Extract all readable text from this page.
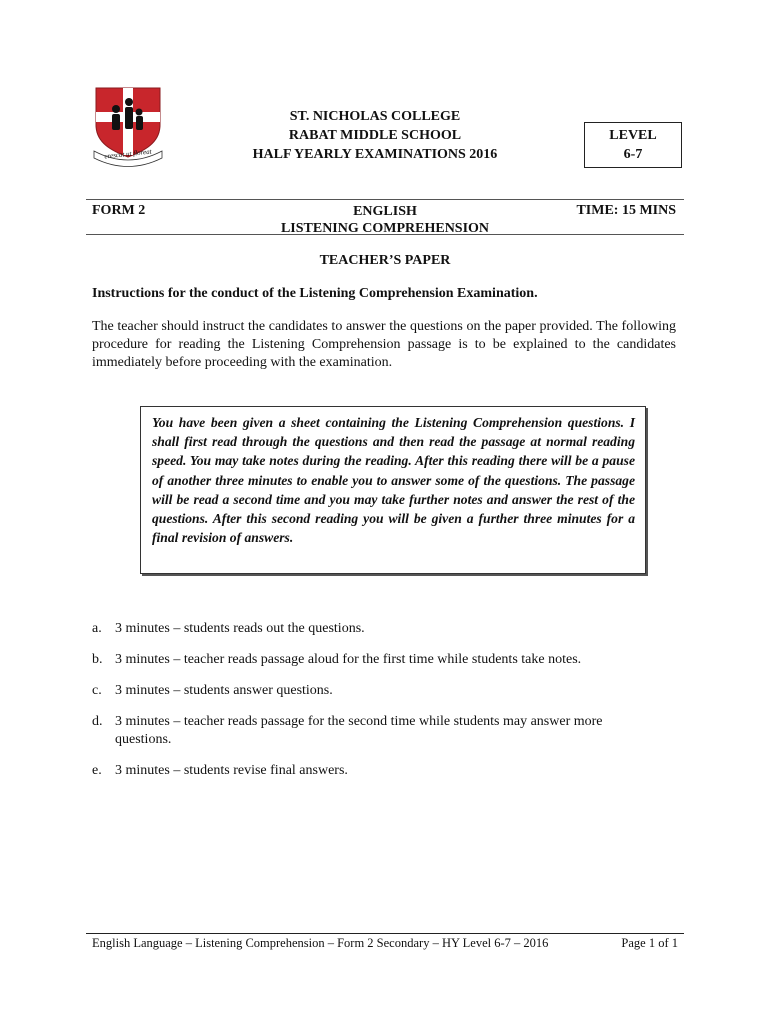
crescat ut floreat
ST. NICHOLAS COLLEGE
RABAT MIDDLE SCHOOL
HALF YEARLY EXAMINATIONS 2016
LEVEL
6-7
FORM 2	ENGLISH
LISTENING COMPREHENSION
TIME: 15 MINS
TEACHER’S PAPER
Instructions for the conduct of the Listening Comprehension Examination.
The teacher should instruct the candidates to answer the questions on the paper provided. The following procedure for reading the Listening Comprehension passage is to be explained to the candidates immediately before proceeding with the examination.
You have been given a sheet containing the Listening Comprehension questions. I shall first read through the questions and then read the passage at normal reading speed. You may take notes during the reading. After this reading there will be a pause of another three minutes to enable you to answer some of the questions. The passage will be read a second time and you may take further notes and answer the rest of the questions. After this second reading you will be given a further three minutes for a final revision of answers.
a. 3 minutes – students reads out the questions.
b. 3 minutes – teacher reads passage aloud for the first time while students take notes.
c. 3 minutes – students answer questions.
d. 3 minutes – teacher reads passage for the second time while students may answer more questions.
e. 3 minutes – students revise final answers.
English Language – Listening Comprehension – Form 2 Secondary – HY Level 6-7 – 2016	Page 1 of 1
